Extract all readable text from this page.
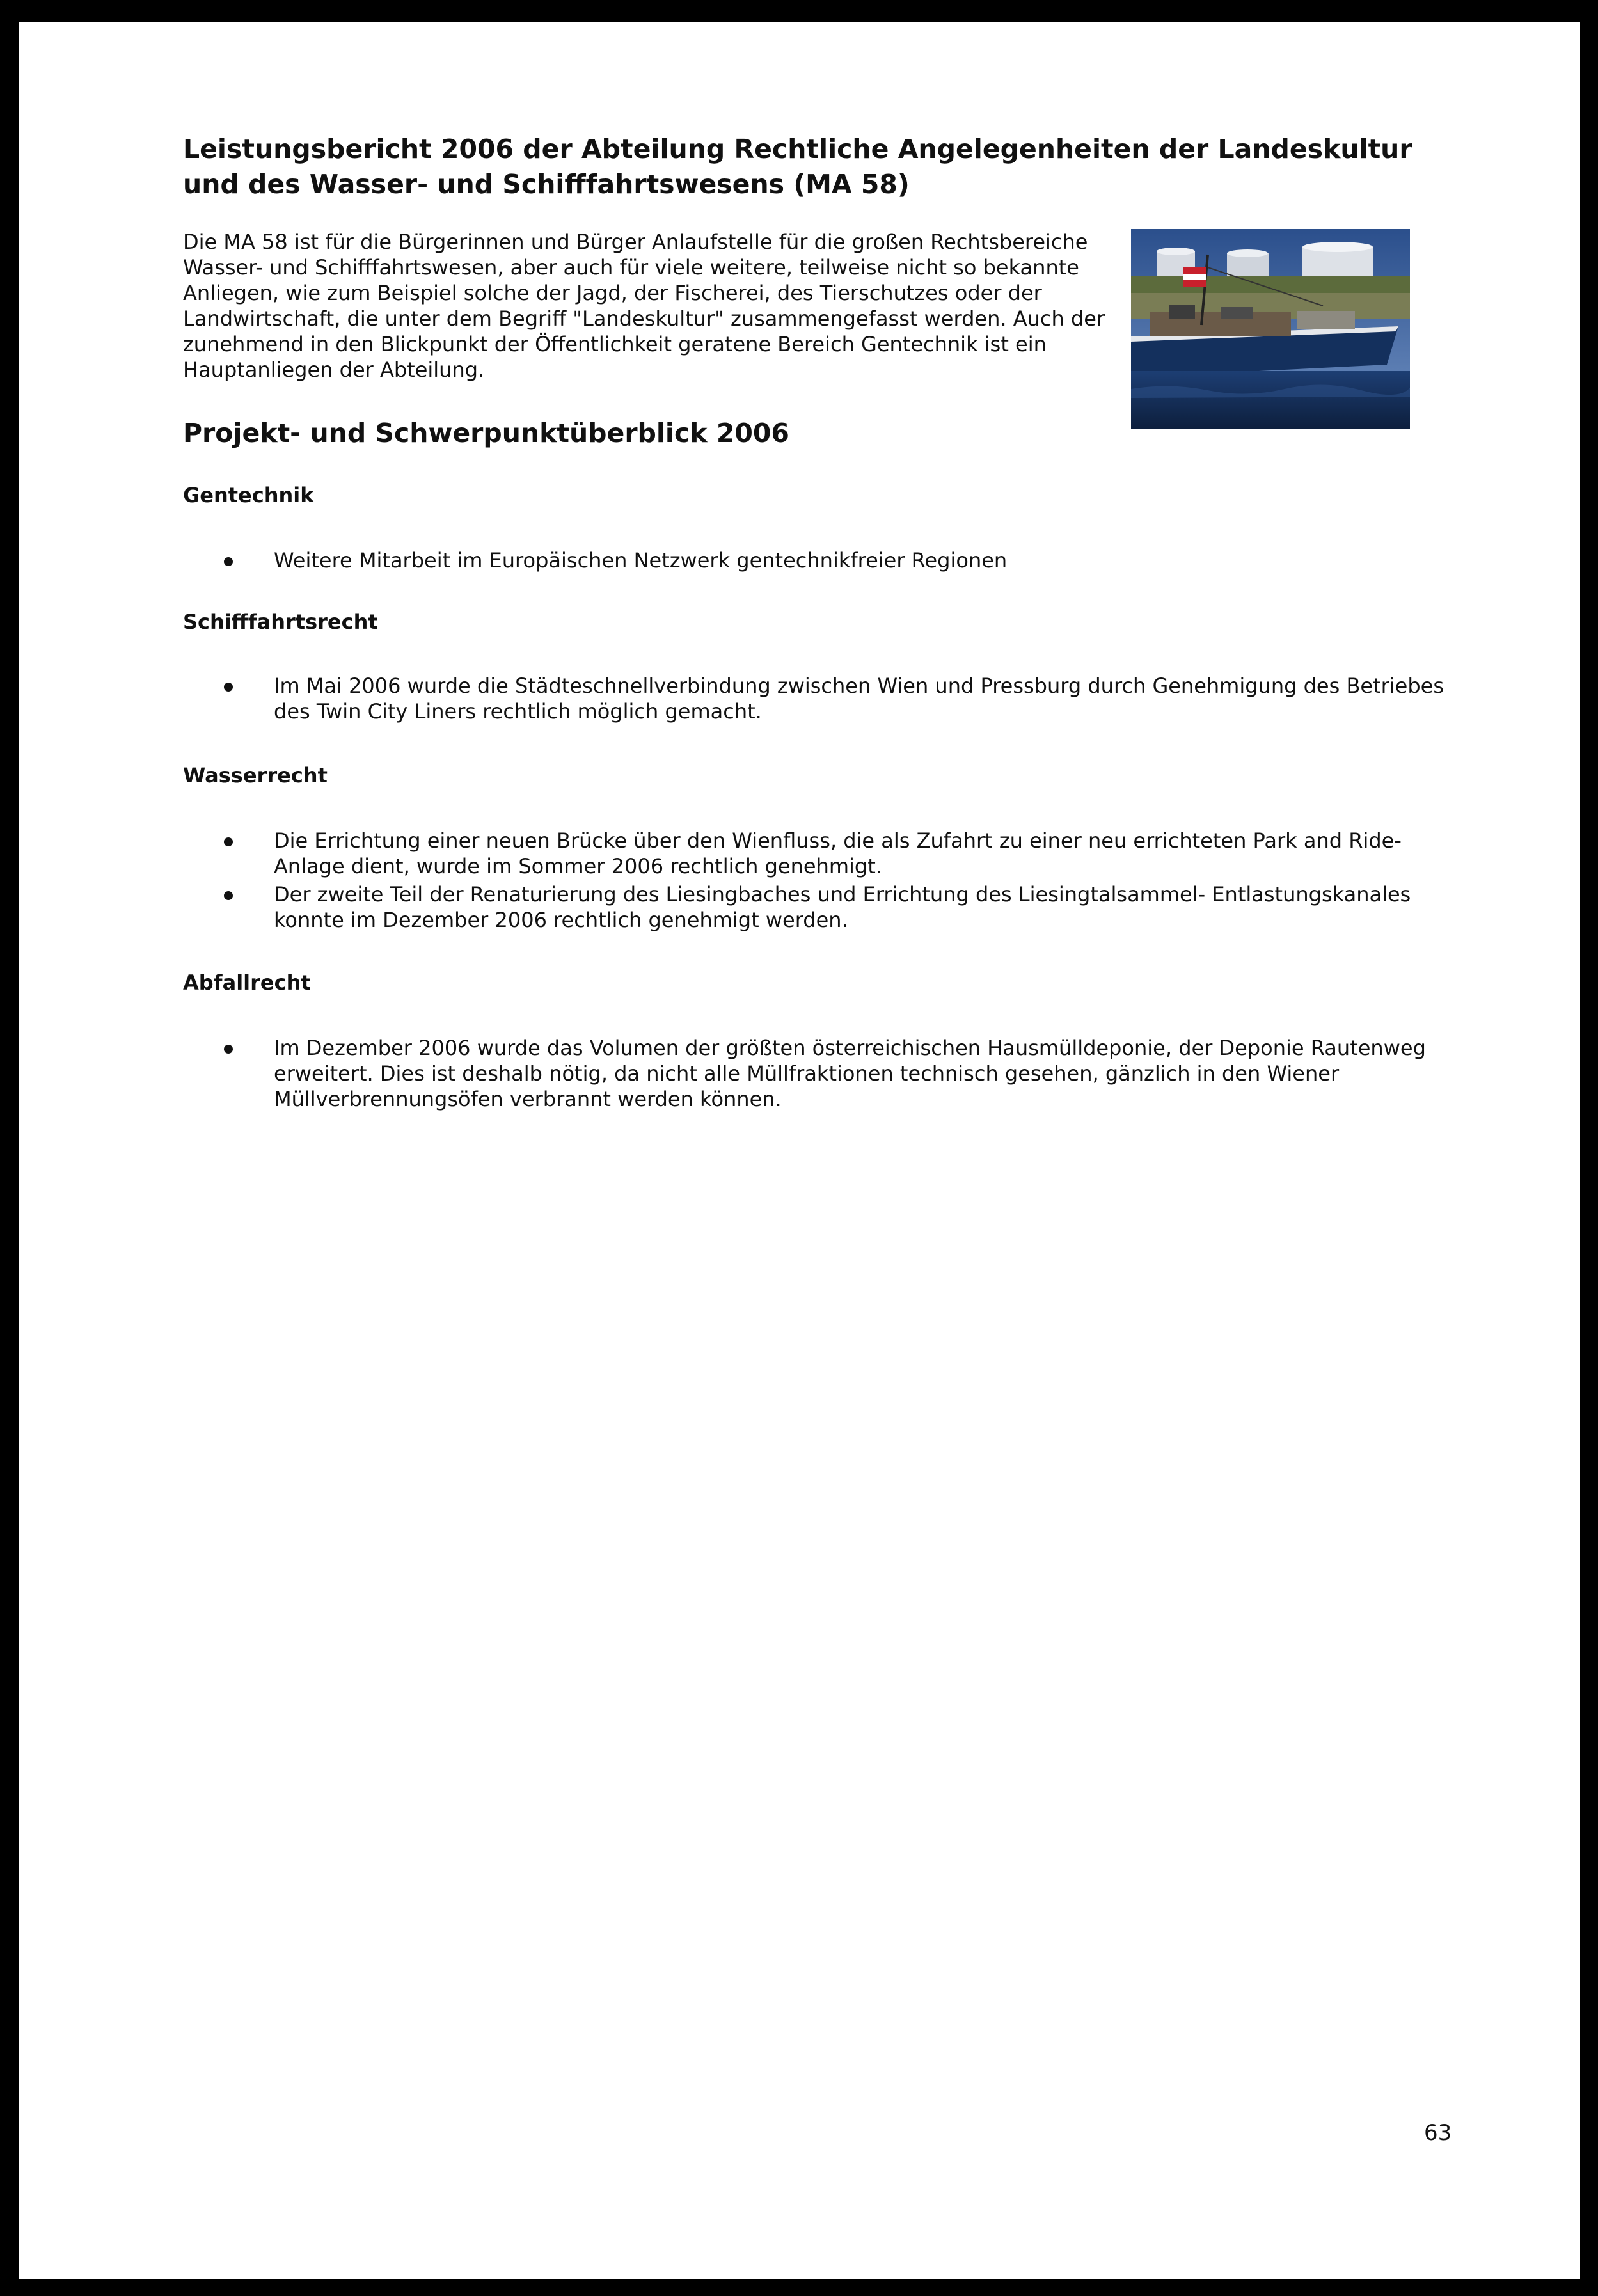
Leistungsbericht 2006 der Abteilung Rechtliche Angelegenheiten der Landeskultur und des Wasser- und Schifffahrtswesens (MA 58)

Die MA 58 ist für die Bürgerinnen und Bürger Anlaufstelle für die großen Rechtsbereiche Wasser- und Schifffahrtswesen, aber auch für viele weitere, teilweise nicht so bekannte Anliegen, wie zum Beispiel solche der Jagd, der Fischerei, des Tierschutzes oder der Landwirtschaft, die unter dem Begriff "Landeskultur" zusammengefasst werden. Auch der zunehmend in den Blickpunkt der Öffentlichkeit geratene Bereich Gentechnik ist ein Hauptanliegen der Abteilung.

Projekt- und Schwerpunktüberblick 2006
Gentechnik
Weitere Mitarbeit im Europäischen Netzwerk gentechnikfreier Regionen
Schifffahrtsrecht
Im Mai 2006 wurde die Städteschnellverbindung zwischen Wien und Pressburg durch Genehmigung des Betriebes des Twin City Liners rechtlich möglich gemacht.
Wasserrecht
Die Errichtung einer neuen Brücke über den Wienfluss, die als Zufahrt zu einer neu errichteten Park and Ride-Anlage dient, wurde im Sommer 2006 rechtlich genehmigt.
Der zweite Teil der Renaturierung des Liesingbaches und Errichtung des Liesingtalsammel- Entlastungskanales konnte im Dezember 2006 rechtlich genehmigt werden.
Abfallrecht
Im Dezember 2006 wurde das Volumen der größten österreichischen Hausmülldeponie, der Deponie Rautenweg erweitert. Dies ist deshalb nötig, da nicht alle Müllfraktionen technisch gesehen, gänzlich in den Wiener Müllverbrennungsöfen verbrannt werden können.
63
